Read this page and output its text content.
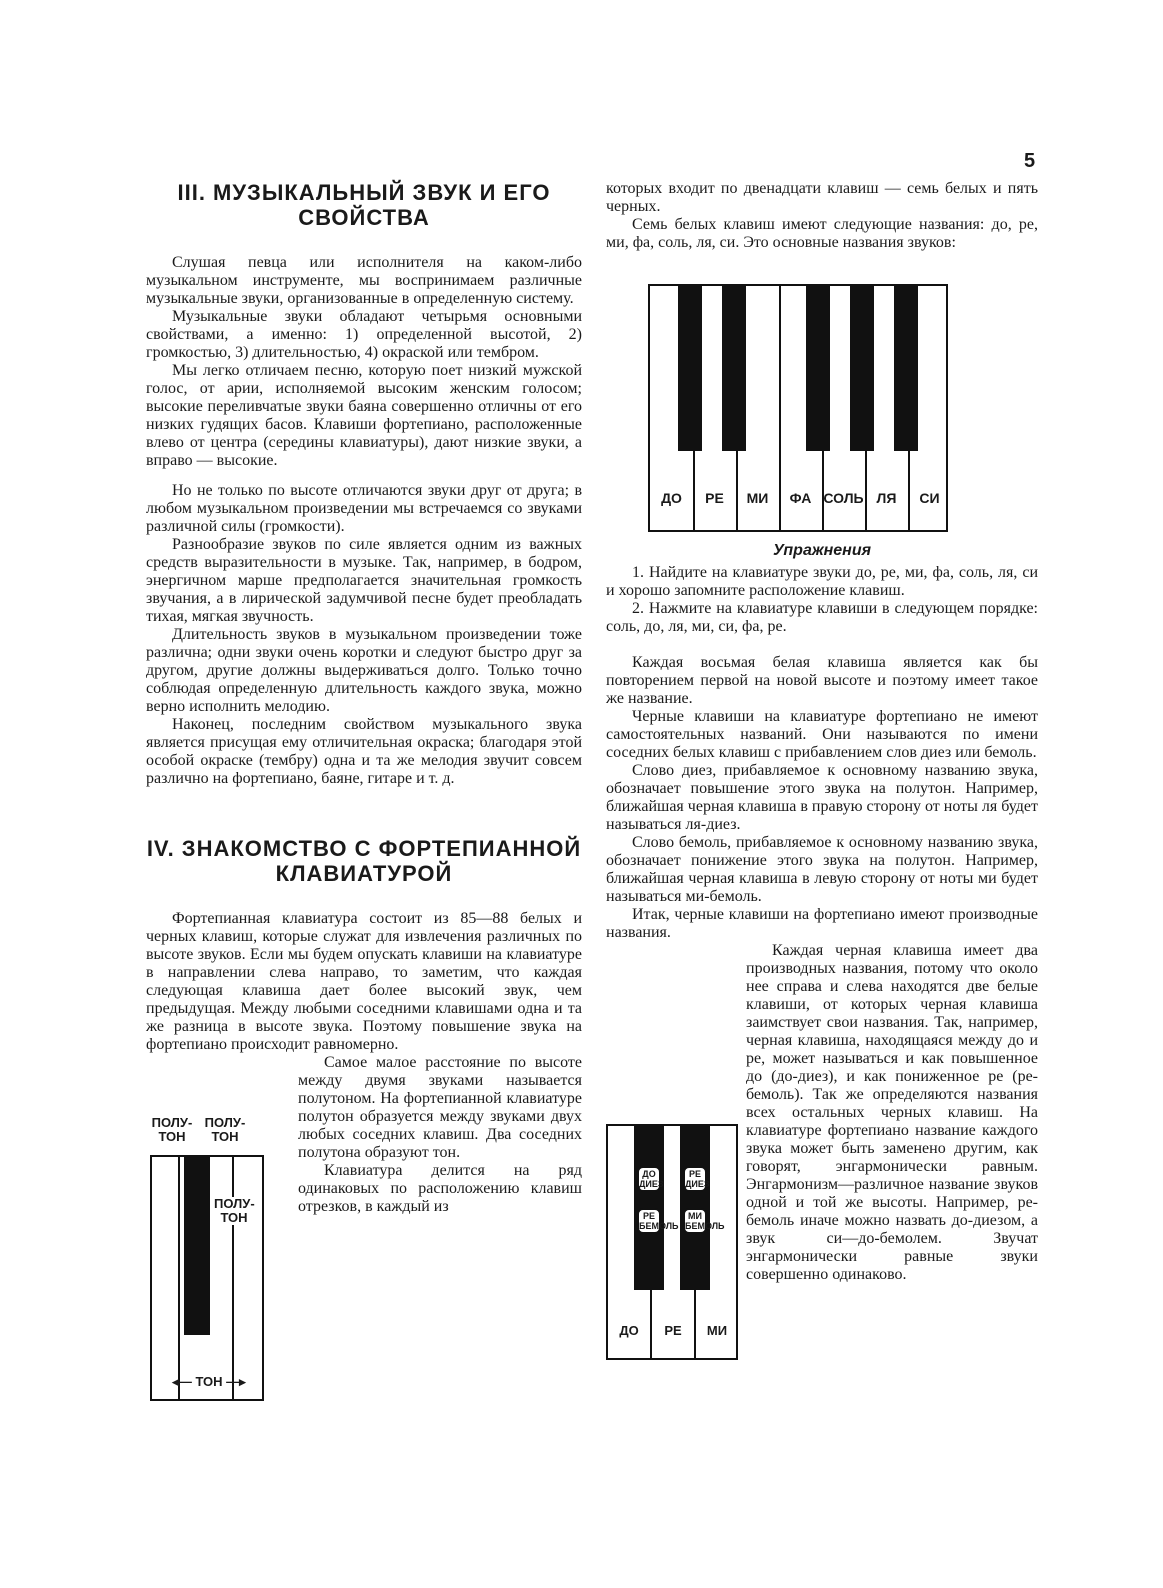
5
III. МУЗЫКАЛЬНЫЙ ЗВУК И ЕГО
СВОЙСТВА

Слушая певца или исполнителя на каком-либо музыкальном инструменте, мы воспринимаем различные музыкальные звуки, организованные в определенную систему.

Музыкальные звуки обладают четырьмя основными свойствами, а именно: 1) определенной высотой, 2) громкостью, 3) длительностью, 4) окраской или тембром.

Мы легко отличаем песню, которую поет низкий мужской голос, от арии, исполняемой высоким женским голосом; высокие переливчатые звуки баяна совершенно отличны от его низких гудящих басов. Клавиши фортепиано, расположенные влево от центра (середины клавиатуры), дают низкие звуки, а вправо — высокие.

Но не только по высоте отличаются звуки друг от друга; в любом музыкальном произведении мы встречаемся со звуками различной силы (громкости).

Разнообразие звуков по силе является одним из важных средств выразительности в музыке. Так, например, в бодром, энергичном марше предполагается значительная громкость звучания, а в лирической задумчивой песне будет преобладать тихая, мягкая звучность.

Длительность звуков в музыкальном произведении тоже различна; одни звуки очень коротки и следуют быстро друг за другом, другие должны выдерживаться долго. Только точно соблюдая определенную длительность каждого звука, можно верно исполнить мелодию.

Наконец, последним свойством музыкального звука является присущая ему отличительная окраска; благодаря этой особой окраске (тембру) одна и та же мелодия звучит совсем различно на фортепиано, баяне, гитаре и т. д.

IV. ЗНАКОМСТВО С ФОРТЕПИАННОЙ
КЛАВИАТУРОЙ

Фортепианная клавиатура состоит из 85—88 белых и черных клавиш, которые служат для извлечения различных по высоте звуков. Если мы будем опускать клавиши на клавиатуре в направлении слева направо, то заметим, что каждая следующая клавиша дает более высокий звук, чем предыдущая. Между любыми соседними клавишами одна и та же разница в высоте звука. Поэтому повышение звука на фортепиано происходит равномерно.

Самое малое расстояние по высоте между двумя звуками называется полутоном. На фортепианной клавиатуре полутон образуется между звуками двух любых соседних клавиш. Два соседних полутона образуют тон.

Клавиатура делится на ряд одинаковых по расположению клавиш отрезков, в каждый из

ПОЛУ- ТОН
ПОЛУ- ТОН
ПОЛУ- ТОН
◂— ТОН —▸

которых входит по двенадцати клавиш — семь белых и пять черных.

Семь белых клавиш имеют следующие названия: до, ре, ми, фа, соль, ля, си. Это основные названия звуков:

Упражнения

1. Найдите на клавиатуре звуки до, ре, ми, фа, соль, ля, си и хорошо запомните расположение клавиш.

2. Нажмите на клавиатуре клавиши в следующем порядке: соль, до, ля, ми, си, фа, ре.

Каждая восьмая белая клавиша является как бы повторением первой на новой высоте и поэтому имеет такое же название.

Черные клавиши на клавиатуре фортепиано не имеют самостоятельных названий. Они называются по имени соседних белых клавиш с прибавлением слов диез или бемоль.

Слово диез, прибавляемое к основному названию звука, обозначает повышение этого звука на полутон. Например, ближайшая черная клавиша в правую сторону от ноты ля будет называться ля-диез.

Слово бемоль, прибавляемое к основному названию звука, обозначает понижение этого звука на полутон. Например, ближайшая черная клавиша в левую сторону от ноты ми будет называться ми-бемоль.

Итак, черные клавиши на фортепиано имеют производные названия.

Каждая черная клавиша имеет два производных названия, потому что около нее справа и слева находятся две белые клавиши, от которых черная клавиша заимствует свои названия. Так, например, черная клавиша, находящаяся между до и ре, может называться и как повышенное до (до-диез), и как пониженное ре (ре-бемоль). Так же определяются названия всех остальных черных клавиш. На клавиатуре фортепиано название каждого звука может быть заменено другим, как говорят, энгармонически равным. Энгармонизм—различное название звуков одной и той же высоты. Например, ре-бемоль иначе можно назвать до-диезом, а звук си—до-бемолем. Звучат энгармонически равные звуки совершенно одинаково.

ДО	РЕ	МИ	ФА СОЛЬ ЛЯ	СИ
ДО ДИЕЗ
РЕ БЕМОЛЬ
РЕ ДИЕЗ
МИ БЕМОЛЬ
ДО	РЕ	МИ
